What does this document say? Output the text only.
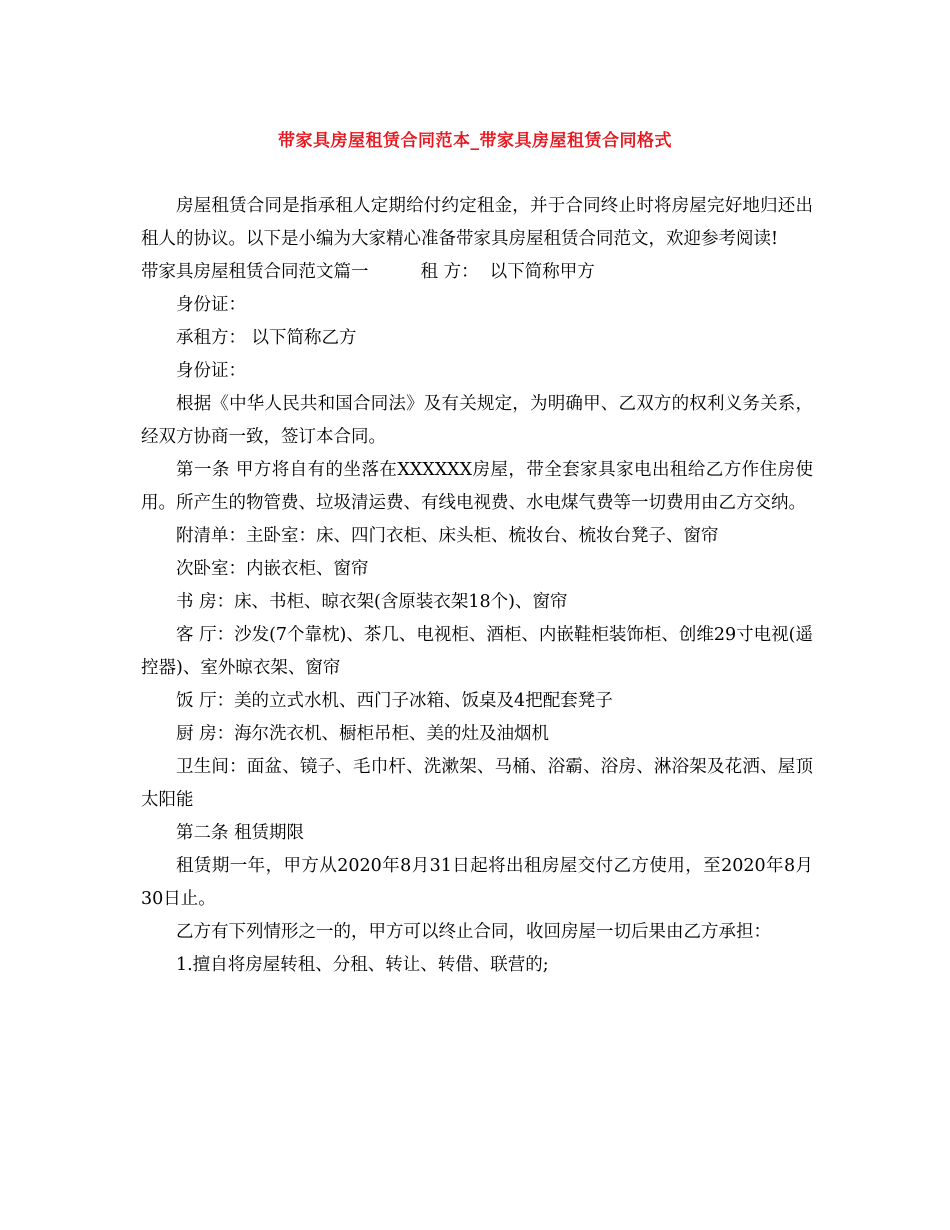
带家具房屋租赁合同范本_带家具房屋租赁合同格式

房屋租赁合同是指承租人定期给付约定租金，并于合同终止时将房屋完好地归还出租人的协议。以下是小编为大家精心准备带家具房屋租赁合同范文，欢迎参考阅读!

带家具房屋租赁合同范文篇一	租 方： 以下简称甲方

身份证：

承租方： 以下简称乙方

身份证：

根据《中华人民共和国合同法》及有关规定，为明确甲、乙双方的权利义务关系，经双方协商一致，签订本合同。

第一条 甲方将自有的坐落在XXXXXX房屋，带全套家具家电出租给乙方作住房使用。所产生的物管费、垃圾清运费、有线电视费、水电煤气费等一切费用由乙方交纳。

附清单：主卧室：床、四门衣柜、床头柜、梳妆台、梳妆台凳子、窗帘

次卧室：内嵌衣柜、窗帘

书 房：床、书柜、晾衣架(含原装衣架18个)、窗帘

客 厅：沙发(7个靠枕)、茶几、电视柜、酒柜、内嵌鞋柜装饰柜、创维29寸电视(遥控器)、室外晾衣架、窗帘

饭 厅：美的立式水机、西门子冰箱、饭桌及4把配套凳子

厨 房：海尔洗衣机、橱柜吊柜、美的灶及油烟机

卫生间：面盆、镜子、毛巾杆、洗漱架、马桶、浴霸、浴房、淋浴架及花洒、屋顶太阳能

第二条 租赁期限

租赁期一年，甲方从2020年8月31日起将出租房屋交付乙方使用，至2020年8月30日止。

乙方有下列情形之一的，甲方可以终止合同，收回房屋一切后果由乙方承担：

1.擅自将房屋转租、分租、转让、转借、联营的;
